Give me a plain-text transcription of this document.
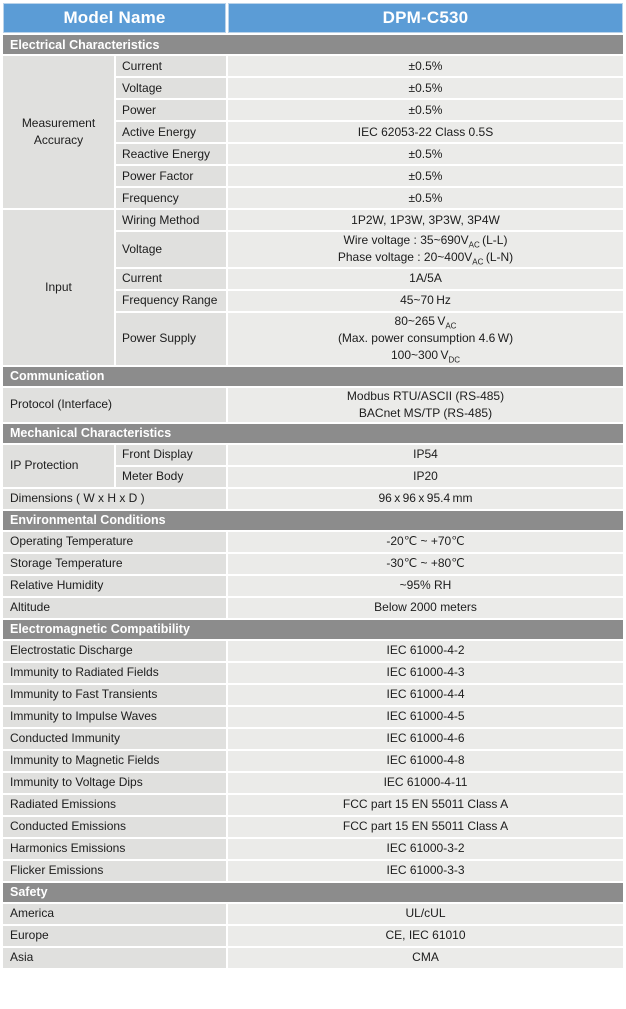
Model Name		DPM-C530
Electrical Characteristics		
Measurement Accuracy	Current	±0.5%
	Voltage	±0.5%
	Power	±0.5%
	Active Energy	IEC 62053-22 Class 0.5S
	Reactive Energy	±0.5%
	Power Factor	±0.5%
	Frequency	±0.5%
Input	Wiring Method	1P2W, 1P3W, 3P3W, 3P4W
	Voltage	Wire voltage : $35\sim 690V_{AC}$ (L-L)
Phase voltage : $20\sim 400V_{AC}$ (L-N)

	Current	1A/5A
	Frequency Range	45~70 Hz
	Power Supply	80~265 $V_{AC}$
(Max. power consumption 4.6 W)
100~300 $V_{DC}$

Communication		
Protocol (Interface)		Modbus RTU/ASCII (RS-485)
BACnet MS/TP (RS-485)

Mechanical Characteristics		
IP Protection	Front Display	IP54
	Meter Body	IP20
Dimensions ( W x H x D )		96 x 96 x 95.4 mm
Environmental Conditions		
Operating Temperature		-20℃ ~ +70℃
Storage Temperature		-30℃ ~ +80℃
Relative Humidity		~95% RH
Altitude		Below 2000 meters
Electromagnetic Compatibility		
Electrostatic Discharge		IEC 61000-4-2
Immunity to Radiated Fields		IEC 61000-4-3
Immunity to Fast Transients		IEC 61000-4-4
Immunity to Impulse Waves		IEC 61000-4-5
Conducted Immunity		IEC 61000-4-6
Immunity to Magnetic Fields		IEC 61000-4-8
Immunity to Voltage Dips		IEC 61000-4-11
Radiated Emissions		FCC part 15 EN 55011 Class A
Conducted Emissions		FCC part 15 EN 55011 Class A
Harmonics Emissions		IEC 61000-3-2
Flicker Emissions		IEC 61000-3-3
Safety		
America		UL/cUL
Europe		CE, IEC 61010
Asia		CMA
